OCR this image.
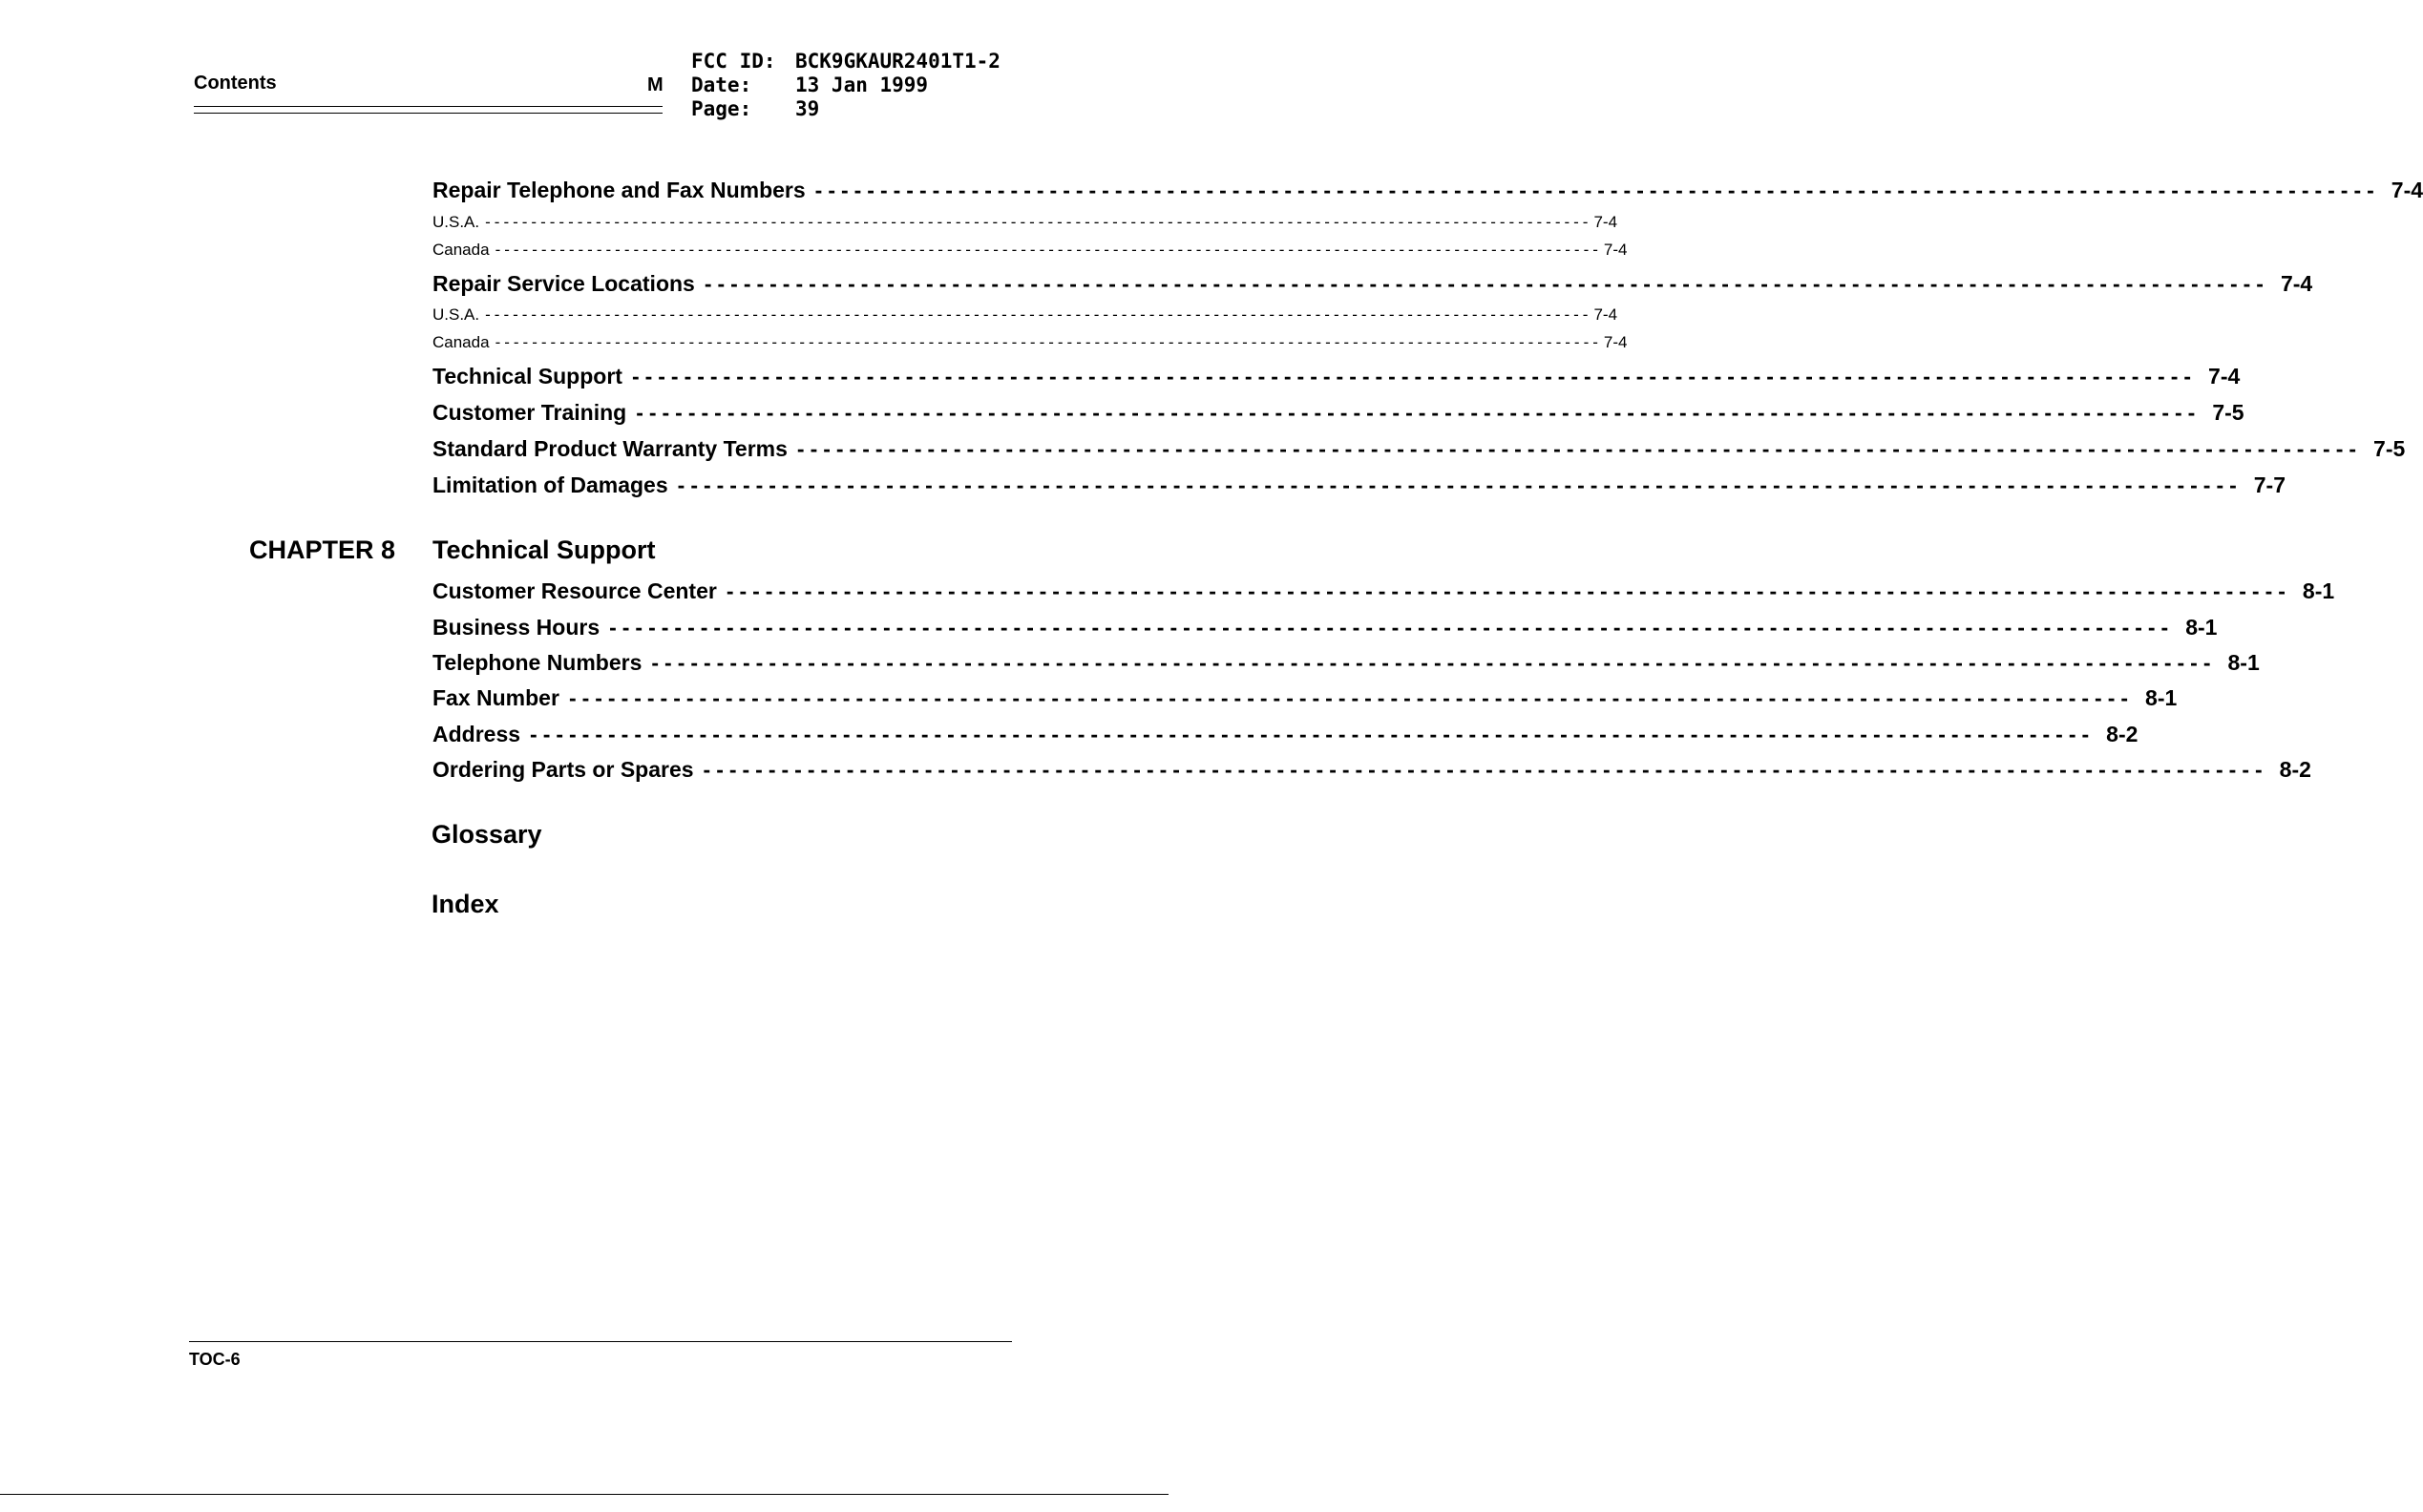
Contents	M
FCC ID: BCK9GKAUR2401T1-2
Date:	13 Jan 1999
Page:	39
Repair Telephone and Fax Numbers ------------------------------------------------------------------------------------------------------------------------ 7-4
U.S.A. ------------------------------------------------------------------------------------------------------------------------ 7-4
Canada ------------------------------------------------------------------------------------------------------------------------ 7-4
Repair Service Locations ------------------------------------------------------------------------------------------------------------------------ 7-4
U.S.A. ------------------------------------------------------------------------------------------------------------------------ 7-4
Canada ------------------------------------------------------------------------------------------------------------------------ 7-4
Technical Support ------------------------------------------------------------------------------------------------------------------------ 7-4
Customer Training ------------------------------------------------------------------------------------------------------------------------ 7-5
Standard Product Warranty Terms ------------------------------------------------------------------------------------------------------------------------ 7-5
Limitation of Damages ------------------------------------------------------------------------------------------------------------------------ 7-7
CHAPTER 8 Technical Support
Customer Resource Center ------------------------------------------------------------------------------------------------------------------------ 8-1
Business Hours ------------------------------------------------------------------------------------------------------------------------ 8-1
Telephone Numbers ------------------------------------------------------------------------------------------------------------------------ 8-1
Fax Number ------------------------------------------------------------------------------------------------------------------------ 8-1
Address ------------------------------------------------------------------------------------------------------------------------ 8-2
Ordering Parts or Spares ------------------------------------------------------------------------------------------------------------------------ 8-2
Glossary
Index
TOC-6
